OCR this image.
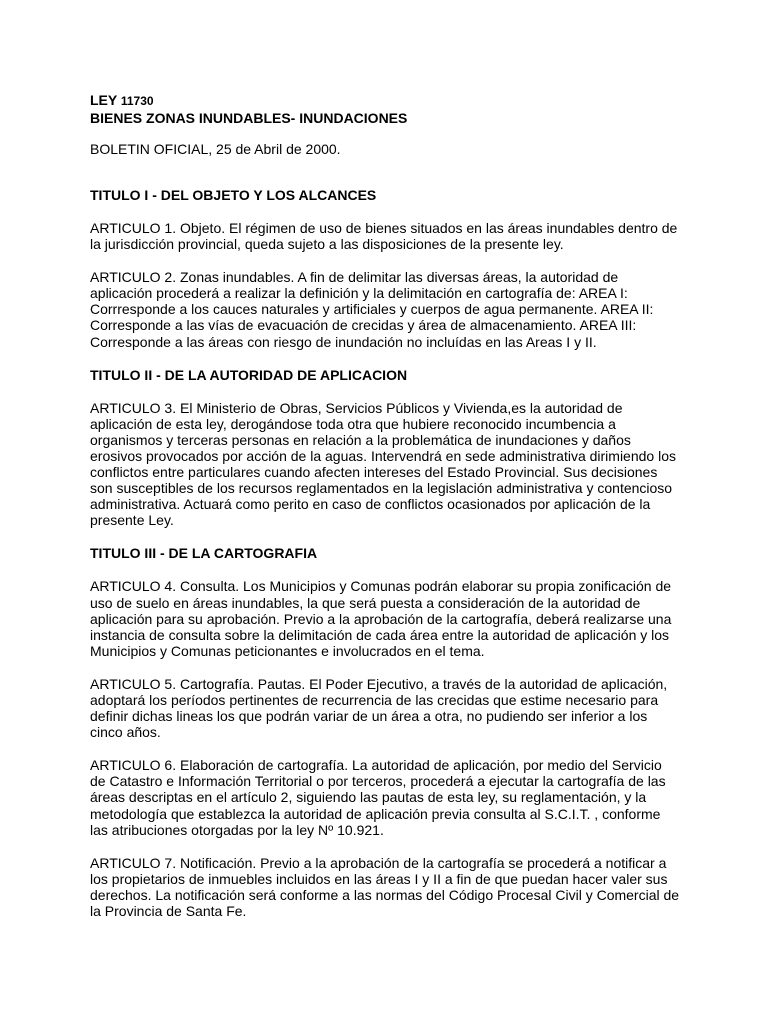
LEY 11730

BIENES ZONAS INUNDABLES- INUNDACIONES

BOLETIN OFICIAL, 25 de Abril de 2000.

TITULO I - DEL OBJETO Y LOS ALCANCES

ARTICULO 1. Objeto. El régimen de uso de bienes situados en las áreas inundables dentro de la jurisdicción provincial, queda sujeto a las disposiciones de la presente ley.

ARTICULO 2. Zonas inundables. A fin de delimitar las diversas áreas, la autoridad de aplicación procederá a realizar la definición y la delimitación en cartografía de: AREA I: Corrresponde a los cauces naturales y artificiales y cuerpos de agua permanente. AREA II: Corresponde a las vías de evacuación de crecidas y área de almacenamiento. AREA III: Corresponde a las áreas con riesgo de inundación no incluídas en las Areas I y II.

TITULO II - DE LA AUTORIDAD DE APLICACION

ARTICULO 3. El Ministerio de Obras, Servicios Públicos y Vivienda,es la autoridad de aplicación de esta ley, derogándose toda otra que hubiere reconocido incumbencia a organismos y terceras personas en relación a la problemática de inundaciones y daños erosivos provocados por acción de la aguas. Intervendrá en sede administrativa dirimiendo los conflictos entre particulares cuando afecten intereses del Estado Provincial. Sus decisiones son susceptibles de los recursos reglamentados en la legislación administrativa y contencioso administrativa. Actuará como perito en caso de conflictos ocasionados por aplicación de la presente Ley.

TITULO III - DE LA CARTOGRAFIA

ARTICULO 4. Consulta. Los Municipios y Comunas podrán elaborar su propia zonificación de uso de suelo en áreas inundables, la que será puesta a consideración de la autoridad de aplicación para su aprobación. Previo a la aprobación de la cartografía, deberá realizarse una instancia de consulta sobre la delimitación de cada área entre la autoridad de aplicación y los Municipios y Comunas peticionantes e involucrados en el tema.

ARTICULO 5. Cartografía. Pautas. El Poder Ejecutivo, a través de la autoridad de aplicación, adoptará los períodos pertinentes de recurrencia de las crecidas que estime necesario para definir dichas lineas los que podrán variar de un área a otra, no pudiendo ser inferior a los cinco años.

ARTICULO 6. Elaboración de cartografía. La autoridad de aplicación, por medio del Servicio de Catastro e Información Territorial o por terceros, procederá a ejecutar la cartografía de las áreas descriptas en el artículo 2, siguiendo las pautas de esta ley, su reglamentación, y la metodología que establezca la autoridad de aplicación previa consulta al S.C.I.T. , conforme las atribuciones otorgadas por la ley Nº 10.921.

ARTICULO 7. Notificación. Previo a la aprobación de la cartografía se procederá a notificar a los propietarios de inmuebles incluidos en las áreas I y II a fin de que puedan hacer valer sus derechos. La notificación será conforme a las normas del Código Procesal Civil y Comercial de la Provincia de Santa Fe.
